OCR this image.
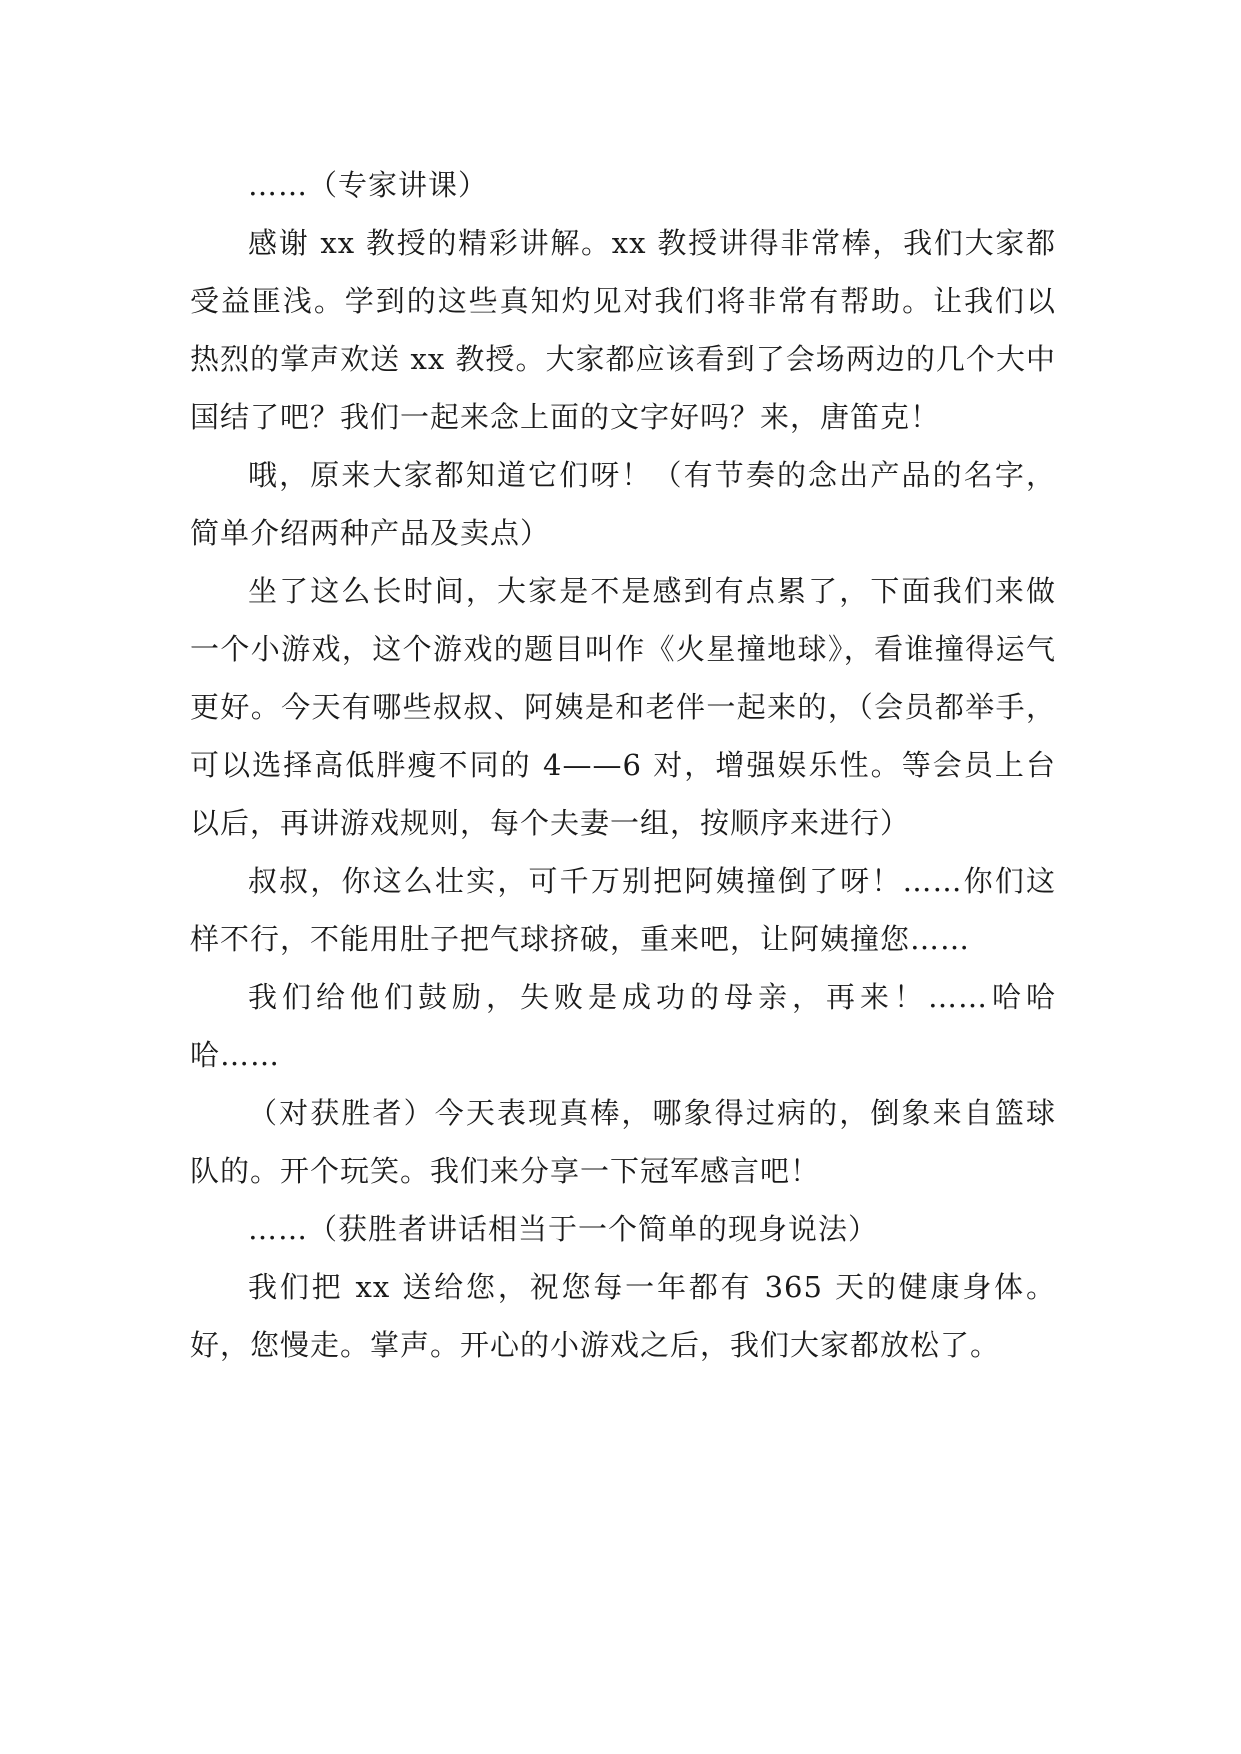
……（专家讲课）

感谢 xx 教授的精彩讲解。xx 教授讲得非常棒，我们大家都受益匪浅。学到的这些真知灼见对我们将非常有帮助。让我们以热烈的掌声欢送 xx 教授。大家都应该看到了会场两边的几个大中国结了吧？我们一起来念上面的文字好吗？来，唐笛克！

哦，原来大家都知道它们呀！（有节奏的念出产品的名字，简单介绍两种产品及卖点）

坐了这么长时间，大家是不是感到有点累了，下面我们来做一个小游戏，这个游戏的题目叫作《火星撞地球》，看谁撞得运气更好。今天有哪些叔叔、阿姨是和老伴一起来的，（会员都举手，可以选择高低胖瘦不同的 4——6 对，增强娱乐性。等会员上台以后，再讲游戏规则，每个夫妻一组，按顺序来进行）

叔叔，你这么壮实，可千万别把阿姨撞倒了呀！……你们这样不行，不能用肚子把气球挤破，重来吧，让阿姨撞您……

我们给他们鼓励，失败是成功的母亲，再来！……哈哈哈……

（对获胜者）今天表现真棒，哪象得过病的，倒象来自篮球队的。开个玩笑。我们来分享一下冠军感言吧！

……（获胜者讲话相当于一个简单的现身说法）

我们把 xx 送给您，祝您每一年都有 365 天的健康身体。好，您慢走。掌声。开心的小游戏之后，我们大家都放松了。
